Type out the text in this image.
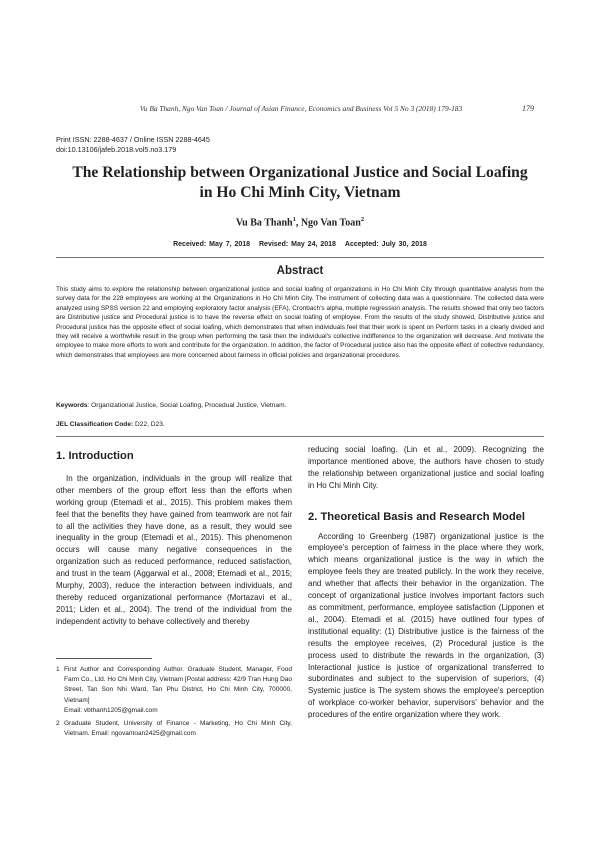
Vu Ba Thanh, Ngo Van Toan / Journal of Asian Finance, Economics and Business Vol 5 No 3 (2018) 179-183	179
Print ISSN: 2288-4637 / Online ISSN 2288-4645
doi:10.13106/jafeb.2018.vol5.no3.179
The Relationship between Organizational Justice and Social Loafing
in Ho Chi Minh City, Vietnam
Vu Ba Thanh$^1$, Ngo Van Toan$^2$
Received: May 7, 2018 Revised: May 24, 2018 Accepted: July 30, 2018
Abstract
This study aims to explore the relationship between organizational justice and social loafing of organizations in Ho Chi Minh City through quantitative analysis from the survey data for the 228 employees are working at the Organizations in Ho Chi Minh City. The instrument of collecting data was a questionnaire. The collected data were analyzed using SPSS version 22 and employing exploratory factor analysis (EFA), Cronbach's alpha, multiple regression analysis. The results showed that only two factors are Distributive justice and Procedural justice is to have the reverse effect on social loafing of employee. From the results of the study showed, Distributive justice and Procedural justice has the opposite effect of social loafing, which demonstrates that when individuals feel that their work is spent on Perform tasks in a clearly divided and they will receive a worthwhile result in the group when performing the task then the individual's collective indifference to the organization will decrease. And motivate the employee to make more efforts to work and contribute for the organization. In addition, the factor of Procedural justice also has the opposite effect of collective redundancy, which demonstrates that employees are more concerned about fairness in official policies and organizational procedures.
Keywords: Organizational Justice, Social Loafing, Procedual Justice, Vietnam.
JEL Classification Code: D22, D23.
1. Introduction

In the organization, individuals in the group will realize that other members of the group effort less than the efforts when working group (Etemadi et al., 2015). This problem makes them feel that the benefits they have gained from teamwork are not fair to all the activities they have done, as a result, they would see inequality in the group (Etemadi et al., 2015). This phenomenon occurs will cause many negative consequences in the organization such as reduced performance, reduced satisfaction, and trust in the team (Aggarwal et al., 2008; Etemadi et al., 2015; Murphy, 2003), reduce the interaction between individuals, and thereby reduced organizational performance (Mortazavi et al., 2011; Liden et al., 2004). The trend of the individual from the independent activity to behave collectively and thereby

1 First Author and Corresponding Author. Graduate Student, Manager, Food Farm Co., Ltd. Ho Chi Minh City, Vietnam [Postal address: 42/9 Tran Hung Dao Street, Tan Son Nhi Ward, Tan Phu District, Ho Chi Minh City, 700000, Vietnam]
Email: vbthanh1205@gmail.com
2 Graduate Student, University of Finance - Marketing, Ho Chi Minh City, Vietnam. Email: ngovantoan2425@gmail.com

reducing social loafing. (Lin et al., 2009). Recognizing the importance mentioned above, the authors have chosen to study the relationship between organizational justice and social loafing in Ho Chi Minh City.

2. Theoretical Basis and Research Model

According to Greenberg (1987) organizational justice is the employee's perception of fairness in the place where they work, which means organizational justice is the way in which the employee feels they are treated publicly. In the work they receive, and whether that affects their behavior in the organization. The concept of organizational justice involves important factors such as commitment, performance, employee satisfaction (Lipponen et al., 2004). Etemadi et al. (2015) have outlined four types of institutional equality: (1) Distributive justice is the fairness of the results the employee receives, (2) Procedural justice is the process used to distribute the rewards in the organization, (3) Interactional justice is justice of organizational transferred to subordinates and subject to the supervision of superiors, (4) Systemic justice is The system shows the employee's perception of workplace co-worker behavior, supervisors' behavior and the procedures of the entire organization where they work.
